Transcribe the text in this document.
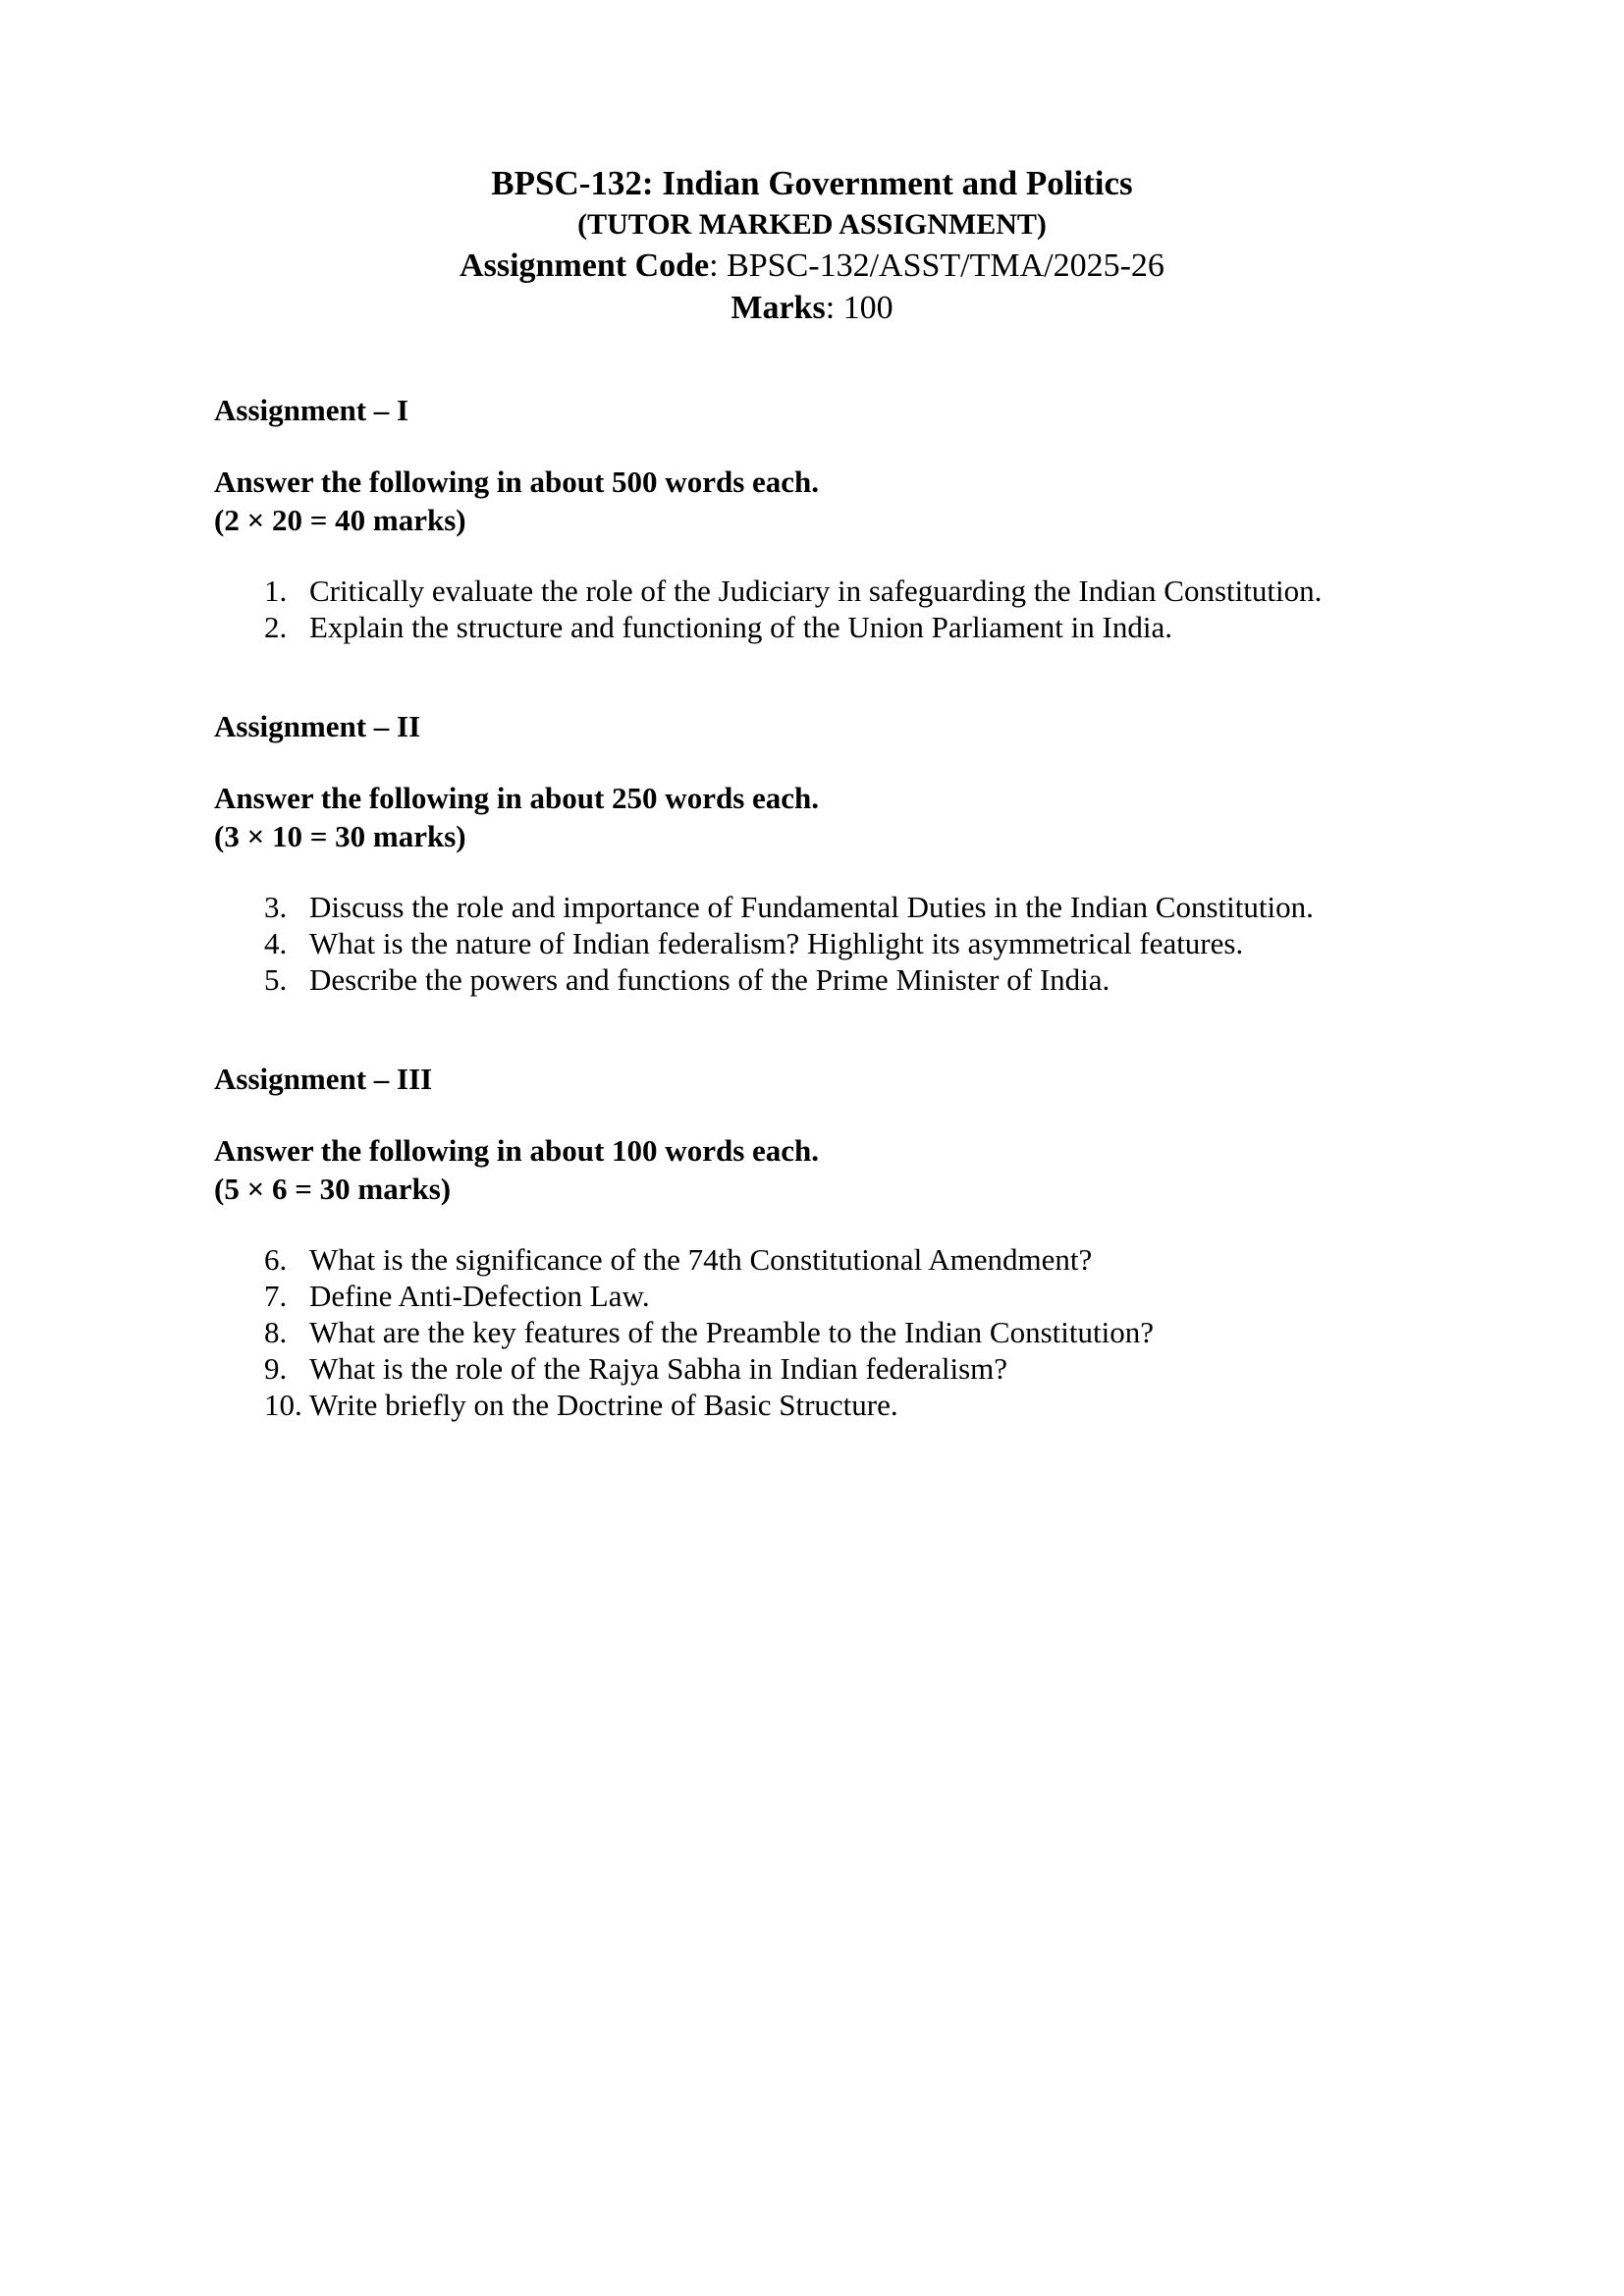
BPSC-132: Indian Government and Politics
(TUTOR MARKED ASSIGNMENT)
Assignment Code: BPSC-132/ASST/TMA/2025-26
Marks: 100
Assignment – I
Answer the following in about 500 words each.
(2 × 20 = 40 marks)
1. Critically evaluate the role of the Judiciary in safeguarding the Indian Constitution.
2. Explain the structure and functioning of the Union Parliament in India.
Assignment – II
Answer the following in about 250 words each.
(3 × 10 = 30 marks)
3. Discuss the role and importance of Fundamental Duties in the Indian Constitution.
4. What is the nature of Indian federalism? Highlight its asymmetrical features.
5. Describe the powers and functions of the Prime Minister of India.
Assignment – III
Answer the following in about 100 words each.
(5 × 6 = 30 marks)
6. What is the significance of the 74th Constitutional Amendment?
7. Define Anti-Defection Law.
8. What are the key features of the Preamble to the Indian Constitution?
9. What is the role of the Rajya Sabha in Indian federalism?
10. Write briefly on the Doctrine of Basic Structure.
